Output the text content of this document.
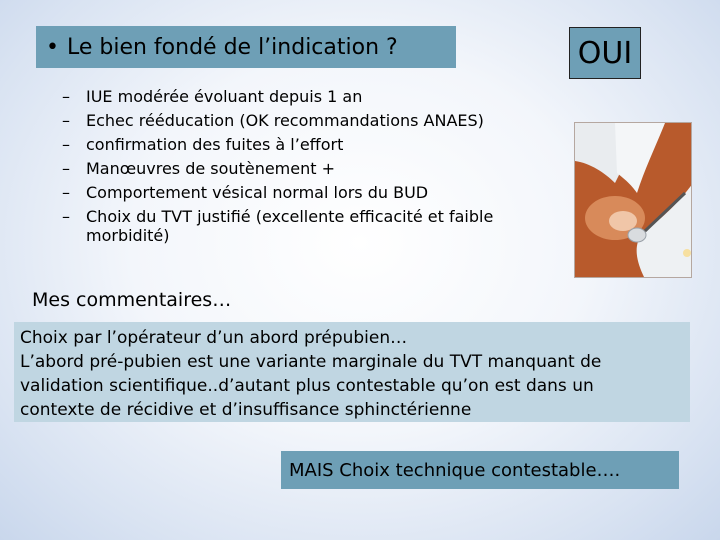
• Le bien fondé de l’indication ?	OUI
– IUE modérée évoluant depuis 1 an
– Echec rééducation (OK recommandations ANAES)
– confirmation des fuites à l’effort
– Manœuvres de soutènement +
– Comportement vésical normal lors du BUD
– Choix du TVT justifié (excellente efficacité et faible morbidité)
Mes commentaires…
Choix par l’opérateur d’un abord prépubien…
L’abord pré-pubien est une variante marginale du TVT manquant de
validation scientifique..d’autant plus contestable qu’on est dans un
contexte de récidive et d’insuffisance sphinctérienne
MAIS Choix technique contestable….
